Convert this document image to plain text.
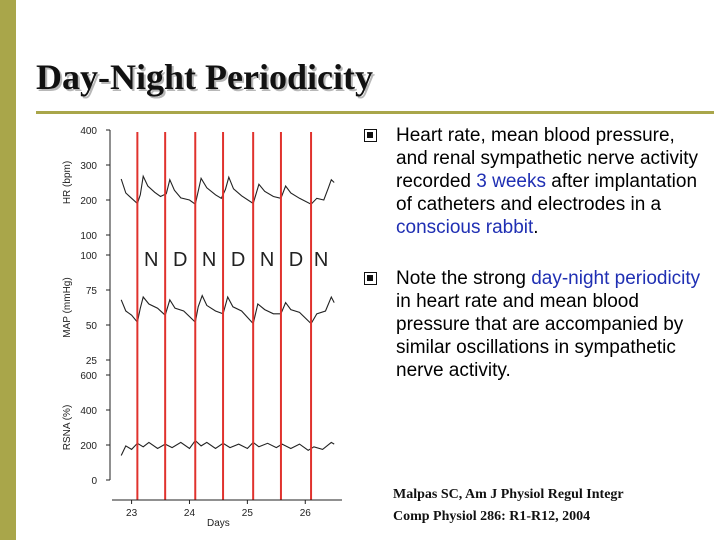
Day-Night Periodicity
400
300
200
100
HR (bpm)
100
75
50
25
MAP (mmHg)
600
400
200
0
RSNA (%)
N D N D N D N
23	24	25	26
Days
Heart rate, mean blood pressure, and renal sympathetic nerve activity recorded 3 weeks after implantation of catheters and electrodes in a conscious rabbit.
Note the strong day-night periodicity in heart rate and mean blood pressure that are accompanied by similar oscillations in sympathetic nerve activity.
Malpas SC, Am J Physiol Regul Integr
Comp Physiol 286: R1-R12, 2004
